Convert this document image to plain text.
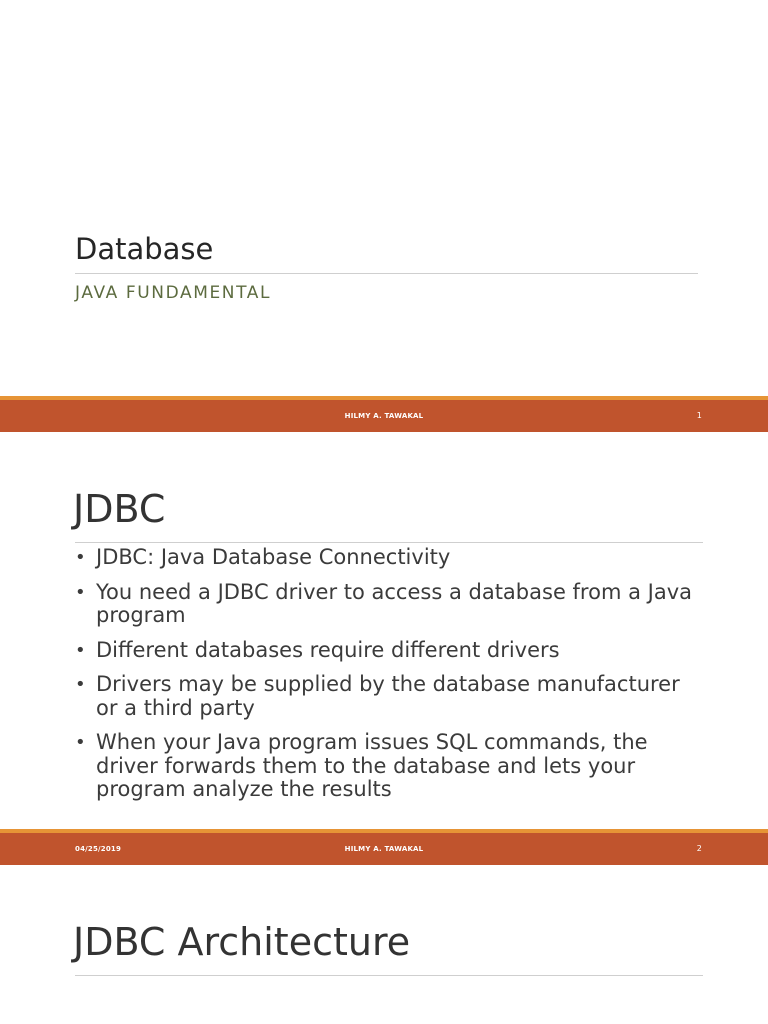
Database
JAVA FUNDAMENTAL
HILMY A. TAWAKAL	1
JDBC
• JDBC: Java Database Connectivity
• You need a JDBC driver to access a database from a Java program
• Different databases require different drivers
• Drivers may be supplied by the database manufacturer or a third party
• When your Java program issues SQL commands, the driver forwards them to the database and lets your program analyze the results
04/25/2019	HILMY A. TAWAKAL	2
JDBC Architecture
